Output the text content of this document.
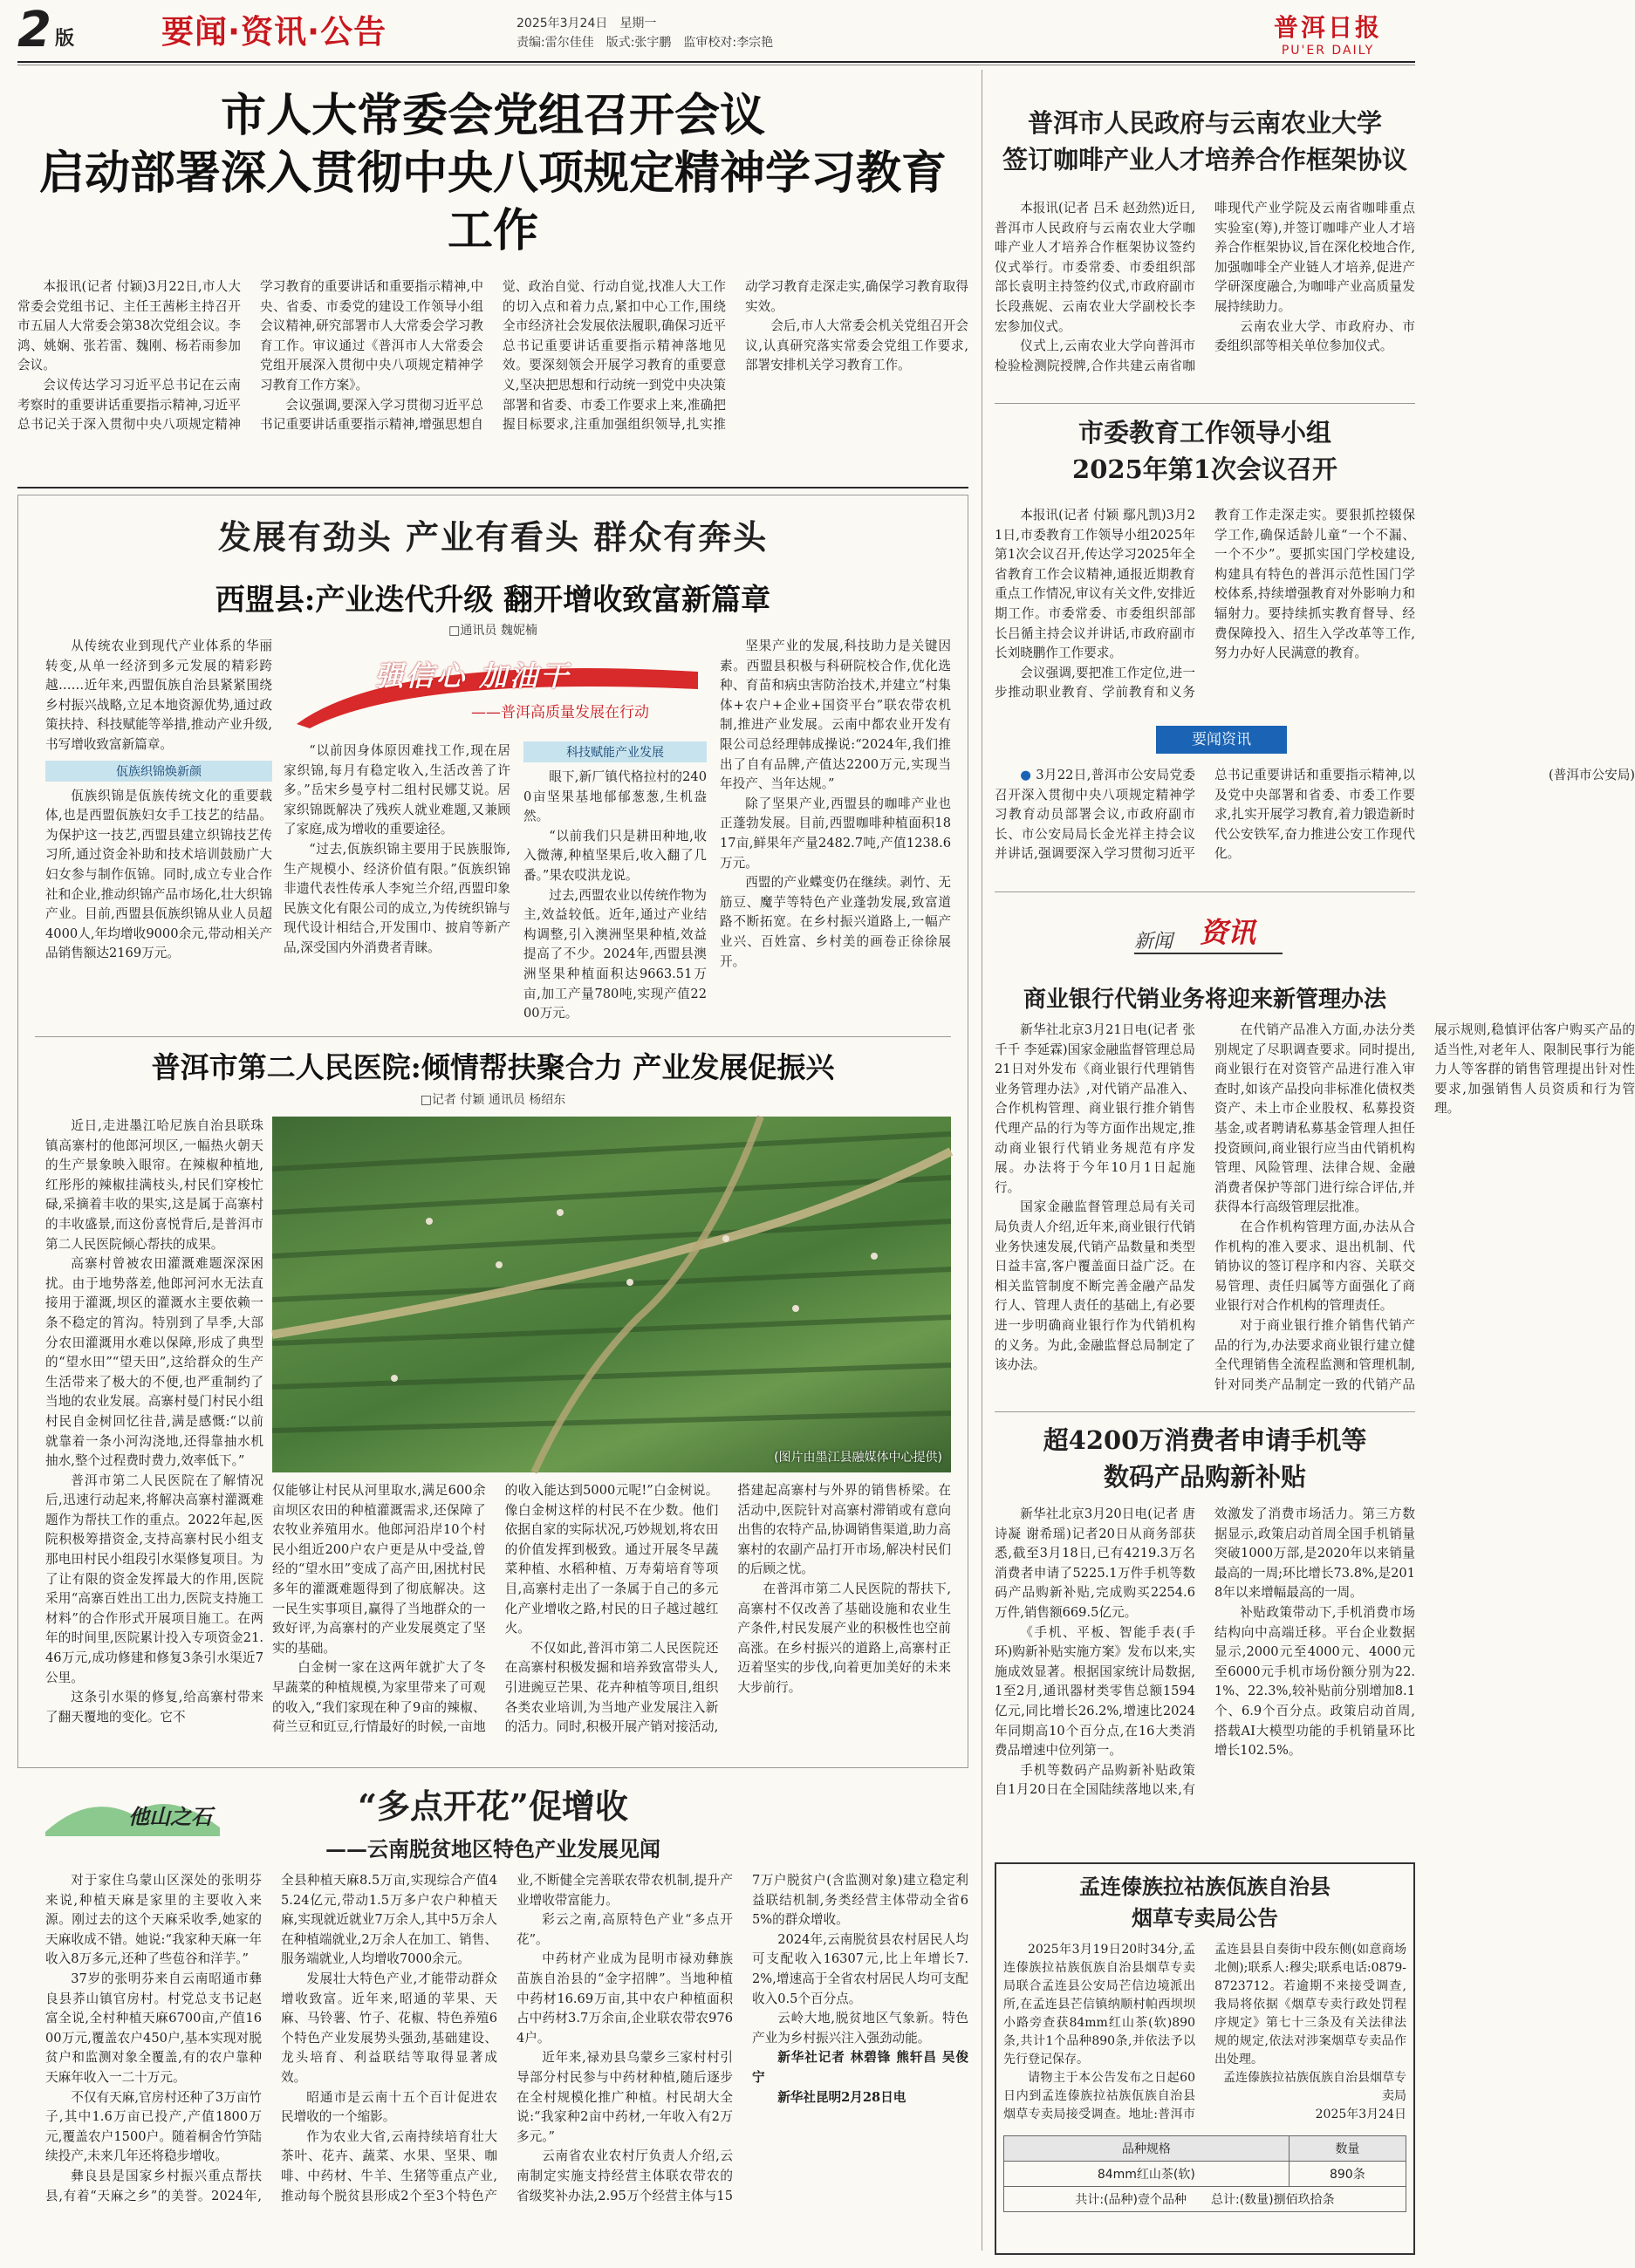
2 版	要闻·资讯·公告	2025年3月24日　星期一
责编:雷尔佳佳　版式:张宇鹏　监审校对:李宗艳
普洱日报
PU'ER DAILY
市人大常委会党组召开会议
启动部署深入贯彻中央八项规定精神学习教育工作

本报讯(记者 付颖)3月22日,市人大常委会党组书记、主任王茜彬主持召开市五届人大常委会第38次党组会议。李鸿、姚娴、张若雷、魏刚、杨若雨参加会议。

会议传达学习习近平总书记在云南考察时的重要讲话重要指示精神,习近平总书记关于深入贯彻中央八项规定精神学习教育的重要讲话和重要指示精神,中央、省委、市委党的建设工作领导小组会议精神,研究部署市人大常委会学习教育工作。审议通过《普洱市人大常委会党组开展深入贯彻中央八项规定精神学习教育工作方案》。

会议强调,要深入学习贯彻习近平总书记重要讲话重要指示精神,增强思想自觉、政治自觉、行动自觉,找准人大工作的切入点和着力点,紧扣中心工作,围绕全市经济社会发展依法履职,确保习近平总书记重要讲话重要指示精神落地见效。要深刻领会开展学习教育的重要意义,坚决把思想和行动统一到党中央决策部署和省委、市委工作要求上来,准确把握目标要求,注重加强组织领导,扎实推动学习教育走深走实,确保学习教育取得实效。

会后,市人大常委会机关党组召开会议,认真研究落实常委会党组工作要求,部署安排机关学习教育工作。

发展有劲头 产业有看头 群众有奔头
西盟县:产业迭代升级 翻开增收致富新篇章
□通讯员 魏妮楠

从传统农业到现代产业体系的华丽转变,从单一经济到多元发展的精彩跨越……近年来,西盟佤族自治县紧紧围绕乡村振兴战略,立足本地资源优势,通过政策扶持、科技赋能等举措,推动产业升级,书写增收致富新篇章。

佤族织锦焕新颜

佤族织锦是佤族传统文化的重要载体,也是西盟佤族妇女手工技艺的结晶。为保护这一技艺,西盟县建立织锦技艺传习所,通过资金补助和技术培训鼓励广大妇女参与制作佤锦。同时,成立专业合作社和企业,推动织锦产品市场化,壮大织锦产业。目前,西盟县佤族织锦从业人员超4000人,年均增收9000余元,带动相关产品销售额达2169万元。

强信心 加油干
——普洱高质量发展在行动

“以前因身体原因难找工作,现在居家织锦,每月有稳定收入,生活改善了许多。”岳宋乡曼亨村二组村民娜艾说。居家织锦既解决了残疾人就业难题,又兼顾了家庭,成为增收的重要途径。

“过去,佤族织锦主要用于民族服饰,生产规模小、经济价值有限。”佤族织锦非遗代表性传承人李宛兰介绍,西盟印象民族文化有限公司的成立,为传统织锦与现代设计相结合,开发围巾、披肩等新产品,深受国内外消费者青睐。

科技赋能产业发展

眼下,新厂镇代格拉村的2400亩坚果基地郁郁葱葱,生机盎然。

“以前我们只是耕田种地,收入微薄,种植坚果后,收入翻了几番。”果农哎洪龙说。

过去,西盟农业以传统作物为主,效益较低。近年,通过产业结构调整,引入澳洲坚果种植,效益提高了不少。2024年,西盟县澳洲坚果种植面积达9663.51万亩,加工产量780吨,实现产值2200万元。

坚果产业的发展,科技助力是关键因素。西盟县积极与科研院校合作,优化选种、育苗和病虫害防治技术,并建立“村集体+农户+企业+国资平台”联农带农机制,推进产业发展。云南中都农业开发有限公司总经理韩成操说:“2024年,我们推出了自有品牌,产值达2200万元,实现当年投产、当年达规。”

除了坚果产业,西盟县的咖啡产业也正蓬勃发展。目前,西盟咖啡种植面积1817亩,鲜果年产量2482.7吨,产值1238.6万元。

西盟的产业蝶变仍在继续。剥竹、无筋豆、魔芋等特色产业蓬勃发展,致富道路不断拓宽。在乡村振兴道路上,一幅产业兴、百姓富、乡村美的画卷正徐徐展开。

普洱市第二人民医院:倾情帮扶聚合力 产业发展促振兴
□记者 付颖 通讯员 杨绍东

近日,走进墨江哈尼族自治县联珠镇高寨村的他郎河坝区,一幅热火朝天的生产景象映入眼帘。在辣椒种植地,红彤彤的辣椒挂满枝头,村民们穿梭忙碌,采摘着丰收的果实,这是属于高寨村的丰收盛景,而这份喜悦背后,是普洱市第二人民医院倾心帮扶的成果。

高寨村曾被农田灌溉难题深深困扰。由于地势落差,他郎河河水无法直接用于灌溉,坝区的灌溉水主要依赖一条不稳定的筲沟。特别到了旱季,大部分农田灌溉用水难以保障,形成了典型的“望水田”“望天田”,这给群众的生产生活带来了极大的不便,也严重制约了当地的农业发展。高寨村曼门村民小组村民自金树回忆往昔,满是感慨:“以前就靠着一条小河沟浇地,还得靠抽水机抽水,整个过程费时费力,效率低下。”

普洱市第二人民医院在了解情况后,迅速行动起来,将解决高寨村灌溉难题作为帮扶工作的重点。2022年起,医院积极筹措资金,支持高寨村民小组支那电田村民小组段引水渠修复项目。为了让有限的资金发挥最大的作用,医院采用“高寨百姓出工出力,医院支持施工材料”的合作形式开展项目施工。在两年的时间里,医院累计投入专项资金21.46万元,成功修建和修复3条引水渠近7公里。

这条引水渠的修复,给高寨村带来了翻天覆地的变化。它不

(图片由墨江县融媒体中心提供)

仅能够让村民从河里取水,满足600余亩坝区农田的种植灌溉需求,还保障了农牧业养殖用水。他郎河沿岸10个村民小组近200户农户更是从中受益,曾经的“望水田”变成了高产田,困扰村民多年的灌溉难题得到了彻底解决。这一民生实事项目,赢得了当地群众的一致好评,为高寨村的产业发展奠定了坚实的基础。

白金树一家在这两年就扩大了冬早蔬菜的种植规模,为家里带来了可观的收入,“我们家现在种了9亩的辣椒、荷兰豆和豇豆,行情最好的时候,一亩地的收入能达到5000元呢!”白金树说。像白金树这样的村民不在少数。他们依据自家的实际状况,巧妙规划,将农田的价值发挥到极致。通过开展冬早蔬菜种植、水稻种植、万寿菊培育等项目,高寨村走出了一条属于自己的多元化产业增收之路,村民的日子越过越红火。

不仅如此,普洱市第二人民医院还在高寨村积极发掘和培养致富带头人,引进豌豆芒果、花卉种植等项目,组织各类农业培训,为当地产业发展注入新的活力。同时,积极开展产销对接活动,搭建起高寨村与外界的销售桥梁。在活动中,医院针对高寨村滞销或有意向出售的农特产品,协调销售渠道,助力高寨村的农副产品打开市场,解决村民们的后顾之忧。

在普洱市第二人民医院的帮扶下,高寨村不仅改善了基础设施和农业生产条件,村民发展产业的积极性也空前高涨。在乡村振兴的道路上,高寨村正迈着坚实的步伐,向着更加美好的未来大步前行。

他山之石	“多点开花”促增收
——云南脱贫地区特色产业发展见闻

对于家住乌蒙山区深处的张明芬来说,种植天麻是家里的主要收入来源。刚过去的这个天麻采收季,她家的天麻收成不错。她说:“我家种天麻一年收入8万多元,还种了些苞谷和洋芋。”

37岁的张明芬来自云南昭通市彝良县荞山镇官房村。村党总支书记赵富全说,全村种植天麻6700亩,产值1600万元,覆盖农户450户,基本实现对脱贫户和监测对象全覆盖,有的农户靠种天麻年收入一二十万元。

不仅有天麻,官房村还种了3万亩竹子,其中1.6万亩已投产,产值1800万元,覆盖农户1500户。随着桐舍竹笋陆续投产,未来几年还将稳步增收。

彝良县是国家乡村振兴重点帮扶县,有着“天麻之乡”的美誉。2024年,全县种植天麻8.5万亩,实现综合产值45.24亿元,带动1.5万多户农户种植天麻,实现就近就业7万余人,其中5万余人在种植端就业,2万余人在加工、销售、服务端就业,人均增收7000余元。

发展壮大特色产业,才能带动群众增收致富。近年来,昭通的苹果、天麻、马铃薯、竹子、花椒、特色养殖6个特色产业发展势头强劲,基础建设、龙头培育、利益联结等取得显著成效。

昭通市是云南十五个百计促进农民增收的一个缩影。

作为农业大省,云南持续培育壮大茶叶、花卉、蔬菜、水果、坚果、咖啡、中药材、牛羊、生猪等重点产业,推动每个脱贫县形成2个至3个特色产业,不断健全完善联农带农机制,提升产业增收带富能力。

彩云之南,高原特色产业“多点开花”。

中药材产业成为昆明市禄劝彝族苗族自治县的“金字招牌”。当地种植中药材16.69万亩,其中农户种植面积占中药材3.7万余亩,企业联农带农9764户。

近年来,禄劝县乌蒙乡三家村村引导部分村民参与中药材种植,随后逐步在全村规模化推广种植。村民胡大全说:“我家种2亩中药材,一年收入有2万多元。”

云南省农业农村厅负责人介绍,云南制定实施支持经营主体联农带农的省级奖补办法,2.95万个经营主体与157万户脱贫户(含监测对象)建立稳定利益联结机制,务类经营主体带动全省65%的群众增收。

2024年,云南脱贫县农村居民人均可支配收入16307元,比上年增长7.2%,增速高于全省农村居民人均可支配收入0.5个百分点。

云岭大地,脱贫地区气象新。特色产业为乡村振兴注入强劲动能。

新华社记者 林碧锋 熊轩昌 吴俊宁

新华社昆明2月28日电

普洱市人民政府与云南农业大学
签订咖啡产业人才培养合作框架协议

本报讯(记者 吕禾 赵劲然)近日,普洱市人民政府与云南农业大学咖啡产业人才培养合作框架协议签约仪式举行。市委常委、市委组织部部长袁明主持签约仪式,市政府副市长段燕妮、云南农业大学副校长李宏参加仪式。

仪式上,云南农业大学向普洱市检验检测院授牌,合作共建云南省咖啡现代产业学院及云南省咖啡重点实验室(筹),并签订咖啡产业人才培养合作框架协议,旨在深化校地合作,加强咖啡全产业链人才培养,促进产学研深度融合,为咖啡产业高质量发展持续助力。

云南农业大学、市政府办、市委组织部等相关单位参加仪式。

市委教育工作领导小组
2025年第1次会议召开

本报讯(记者 付颖 鄢凡凯)3月21日,市委教育工作领导小组2025年第1次会议召开,传达学习2025年全省教育工作会议精神,通报近期教育重点工作情况,审议有关文件,安排近期工作。市委常委、市委组织部部长吕循主持会议并讲话,市政府副市长刘晓鹏作工作要求。

会议强调,要把准工作定位,进一步推动职业教育、学前教育和义务教育工作走深走实。要狠抓控辍保学工作,确保适龄儿童“一个不漏、一个不少”。要抓实国门学校建设,构建具有特色的普洱示范性国门学校体系,持续增强教育对外影响力和辐射力。要持续抓实教育督导、经费保障投入、招生入学改革等工作,努力办好人民满意的教育。

要闻资讯

● 3月22日,普洱市公安局党委召开深入贯彻中央八项规定精神学习教育动员部署会议,市政府副市长、市公安局局长金光祥主持会议并讲话,强调要深入学习贯彻习近平总书记重要讲话和重要指示精神,以及党中央部署和省委、市委工作要求,扎实开展学习教育,着力锻造新时代公安铁军,奋力推进公安工作现代化。

(普洱市公安局)

新闻 资讯
商业银行代销业务将迎来新管理办法

新华社北京3月21日电(记者 张千千 李延霖)国家金融监督管理总局21日对外发布《商业银行代理销售业务管理办法》,对代销产品准入、合作机构管理、商业银行推介销售代理产品的行为等方面作出规定,推动商业银行代销业务规范有序发展。办法将于今年10月1日起施行。

国家金融监督管理总局有关司局负责人介绍,近年来,商业银行代销业务快速发展,代销产品数量和类型日益丰富,客户覆盖面日益广泛。在相关监管制度不断完善金融产品发行人、管理人责任的基础上,有必要进一步明确商业银行作为代销机构的义务。为此,金融监督总局制定了该办法。

在代销产品准入方面,办法分类别规定了尽职调查要求。同时提出,商业银行在对资管产品进行准入审查时,如该产品投向非标准化债权类资产、未上市企业股权、私募投资基金,或者聘请私募基金管理人担任投资顾问,商业银行应当由代销机构管理、风险管理、法律合规、金融消费者保护等部门进行综合评估,并获得本行高级管理层批准。

在合作机构管理方面,办法从合作机构的准入要求、退出机制、代销协议的签订程序和内容、关联交易管理、责任归属等方面强化了商业银行对合作机构的管理责任。

对于商业银行推介销售代销产品的行为,办法要求商业银行建立健全代理销售全流程监测和管理机制,针对同类产品制定一致的代销产品展示规则,稳慎评估客户购买产品的适当性,对老年人、限制民事行为能力人等客群的销售管理提出针对性要求,加强销售人员资质和行为管理。

超4200万消费者申请手机等
数码产品购新补贴

新华社北京3月20日电(记者 唐诗凝 谢希瑶)记者20日从商务部获悉,截至3月18日,已有4219.3万名消费者申请了5225.1万件手机等数码产品购新补贴,完成购买2254.6万件,销售额669.5亿元。

《手机、平板、智能手表(手环)购新补贴实施方案》发布以来,实施成效显著。根据国家统计局数据,1至2月,通讯器材类零售总额1594亿元,同比增长26.2%,增速比2024年同期高10个百分点,在16大类消费品增速中位列第一。

手机等数码产品购新补贴政策自1月20日在全国陆续落地以来,有效激发了消费市场活力。第三方数据显示,政策启动首周全国手机销量突破1000万部,是2020年以来销量最高的一周;环比增长73.8%,是2018年以来增幅最高的一周。

补贴政策带动下,手机消费市场结构向中高端迁移。平台企业数据显示,2000元至4000元、4000元至6000元手机市场份额分别为22.1%、22.3%,较补贴前分别增加8.1个、6.9个百分点。政策启动首周,搭载AI大模型功能的手机销量环比增长102.5%。

孟连傣族拉祜族佤族自治县
烟草专卖局公告

2025年3月19日20时34分,孟连傣族拉祜族佤族自治县烟草专卖局联合孟连县公安局芒信边境派出所,在孟连县芒信镇纳顺村帕西坝坝小路旁查获84mm红山茶(软)890条,共计1个品种890条,并依法予以先行登记保存。

请物主于本公告发布之日起60日内到孟连傣族拉祜族佤族自治县烟草专卖局接受调查。地址:普洱市孟连县县自奏街中段东侧(如意商场北侧);联系人:穆尖;联系电话:0879-8723712。若逾期不来接受调查,我局将依据《烟草专卖行政处罚程序规定》第七十三条及有关法律法规的规定,依法对涉案烟草专卖品作出处理。

孟连傣族拉祜族佤族自治县烟草专卖局

2025年3月24日

品种规格	数量
84mm红山茶(软)	890条
共计:(品种)壹个品种　　总计:(数量)捌佰玖拾条	
